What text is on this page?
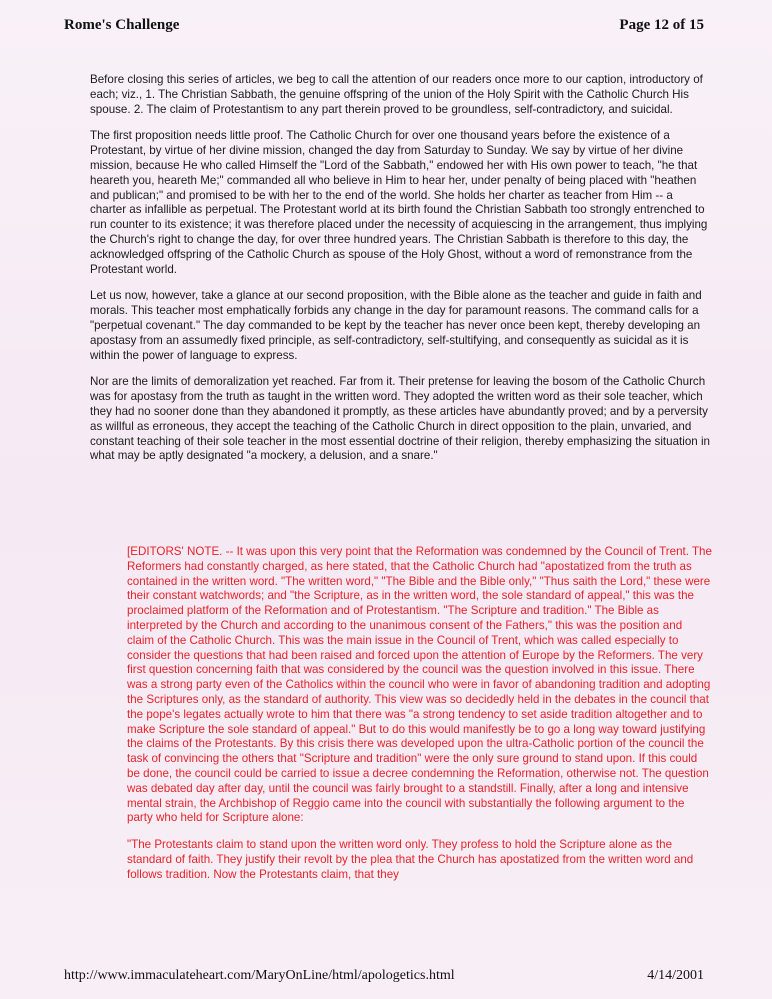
Rome's Challenge	Page 12 of 15

Before closing this series of articles, we beg to call the attention of our readers once more to our caption, introductory of each; viz., 1. The Christian Sabbath, the genuine offspring of the union of the Holy Spirit with the Catholic Church His spouse. 2. The claim of Protestantism to any part therein proved to be groundless, self-contradictory, and suicidal.

The first proposition needs little proof. The Catholic Church for over one thousand years before the existence of a Protestant, by virtue of her divine mission, changed the day from Saturday to Sunday. We say by virtue of her divine mission, because He who called Himself the "Lord of the Sabbath," endowed her with His own power to teach, "he that heareth you, heareth Me;" commanded all who believe in Him to hear her, under penalty of being placed with "heathen and publican;" and promised to be with her to the end of the world. She holds her charter as teacher from Him -- a charter as infallible as perpetual. The Protestant world at its birth found the Christian Sabbath too strongly entrenched to run counter to its existence; it was therefore placed under the necessity of acquiescing in the arrangement, thus implying the Church's right to change the day, for over three hundred years. The Christian Sabbath is therefore to this day, the acknowledged offspring of the Catholic Church as spouse of the Holy Ghost, without a word of remonstrance from the Protestant world.

Let us now, however, take a glance at our second proposition, with the Bible alone as the teacher and guide in faith and morals. This teacher most emphatically forbids any change in the day for paramount reasons. The command calls for a "perpetual covenant." The day commanded to be kept by the teacher has never once been kept, thereby developing an apostasy from an assumedly fixed principle, as self-contradictory, self-stultifying, and consequently as suicidal as it is within the power of language to express.

Nor are the limits of demoralization yet reached. Far from it. Their pretense for leaving the bosom of the Catholic Church was for apostasy from the truth as taught in the written word. They adopted the written word as their sole teacher, which they had no sooner done than they abandoned it promptly, as these articles have abundantly proved; and by a perversity as willful as erroneous, they accept the teaching of the Catholic Church in direct opposition to the plain, unvaried, and constant teaching of their sole teacher in the most essential doctrine of their religion, thereby emphasizing the situation in what may be aptly designated "a mockery, a delusion, and a snare."

[EDITORS' NOTE. -- It was upon this very point that the Reformation was condemned by the Council of Trent. The Reformers had constantly charged, as here stated, that the Catholic Church had "apostatized from the truth as contained in the written word. "The written word," "The Bible and the Bible only," "Thus saith the Lord," these were their constant watchwords; and "the Scripture, as in the written word, the sole standard of appeal," this was the proclaimed platform of the Reformation and of Protestantism. "The Scripture and tradition." The Bible as interpreted by the Church and according to the unanimous consent of the Fathers," this was the position and claim of the Catholic Church. This was the main issue in the Council of Trent, which was called especially to consider the questions that had been raised and forced upon the attention of Europe by the Reformers. The very first question concerning faith that was considered by the council was the question involved in this issue. There was a strong party even of the Catholics within the council who were in favor of abandoning tradition and adopting the Scriptures only, as the standard of authority. This view was so decidedly held in the debates in the council that the pope's legates actually wrote to him that there was "a strong tendency to set aside tradition altogether and to make Scripture the sole standard of appeal." But to do this would manifestly be to go a long way toward justifying the claims of the Protestants. By this crisis there was developed upon the ultra-Catholic portion of the council the task of convincing the others that "Scripture and tradition" were the only sure ground to stand upon. If this could be done, the council could be carried to issue a decree condemning the Reformation, otherwise not. The question was debated day after day, until the council was fairly brought to a standstill. Finally, after a long and intensive mental strain, the Archbishop of Reggio came into the council with substantially the following argument to the party who held for Scripture alone:

"The Protestants claim to stand upon the written word only. They profess to hold the Scripture alone as the standard of faith. They justify their revolt by the plea that the Church has apostatized from the written word and follows tradition. Now the Protestants claim, that they

http://www.immaculateheart.com/MaryOnLine/html/apologetics.html	4/14/2001
